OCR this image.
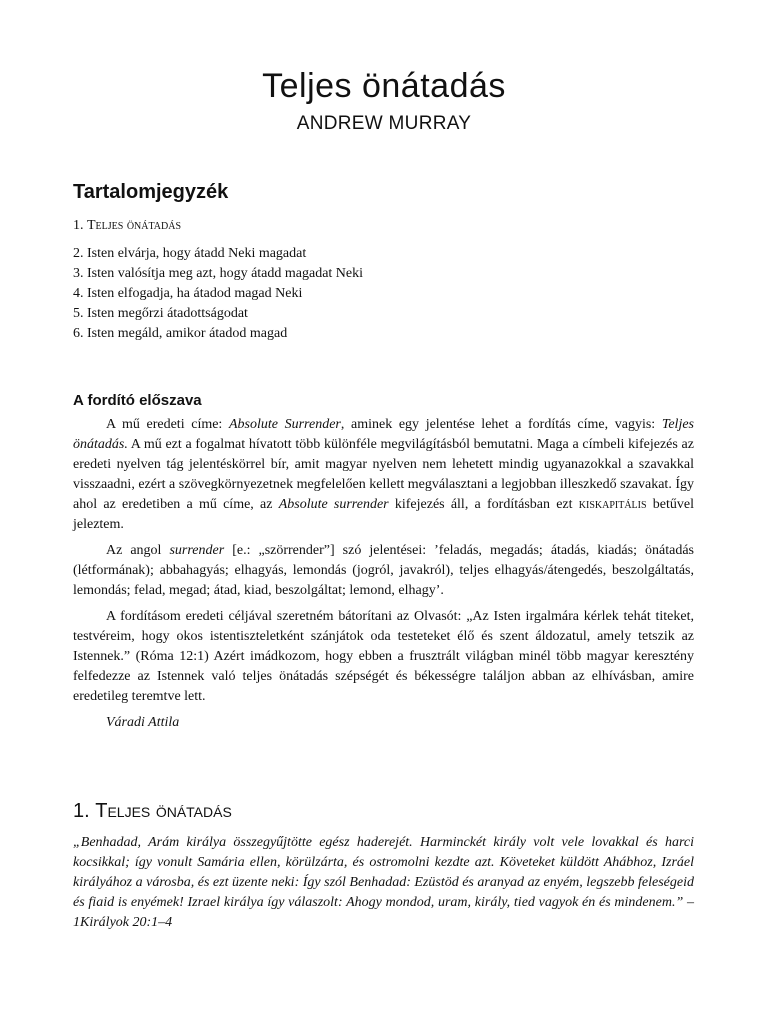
Teljes önátadás
ANDREW MURRAY
Tartalomjegyzék
1. Teljes önátadás
2. Isten elvárja, hogy átadd Neki magadat
3. Isten valósítja meg azt, hogy átadd magadat Neki
4. Isten elfogadja, ha átadod magad Neki
5. Isten megőrzi átadottságodat
6. Isten megáld, amikor átadod magad
A fordító előszava

A mű eredeti címe: Absolute Surrender, aminek egy jelentése lehet a fordítás címe, vagyis: Teljes önátadás. A mű ezt a fogalmat hívatott több különféle megvilágításból bemutatni. Maga a címbeli kifejezés az eredeti nyelven tág jelentéskörrel bír, amit magyar nyelven nem lehetett mindig ugyanazokkal a szavakkal visszaadni, ezért a szövegkörnyezetnek megfelelően kellett megválasztani a legjobban illeszkedő szavakat. Így ahol az eredetiben a mű címe, az Absolute surrender kifejezés áll, a fordításban ezt kiskapitális betűvel jeleztem.

Az angol surrender [e.: „szörrender”] szó jelentései: ’feladás, megadás; átadás, kiadás; önátadás (létformának); abbahagyás; elhagyás, lemondás (jogról, javakról), teljes elhagyás/átengedés, beszolgáltatás, lemondás; felad, megad; átad, kiad, beszolgáltat; lemond, elhagy’.

A fordításom eredeti céljával szeretném bátorítani az Olvasót: „Az Isten irgalmára kérlek tehát titeket, testvéreim, hogy okos istentiszteletként szánjátok oda testeteket élő és szent áldozatul, amely tetszik az Istennek.” (Róma 12:1) Azért imádkozom, hogy ebben a frusztrált világban minél több magyar keresztény felfedezze az Istennek való teljes önátadás szépségét és békességre találjon abban az elhívásban, amire eredetileg teremtve lett.

Váradi Attila

1. Teljes önátadás
„Benhadad, Arám királya összegyűjtötte egész haderejét. Harminckét király volt vele lovakkal és harci kocsikkal; így vonult Samária ellen, körülzárta, és ostromolni kezdte azt. Követeket küldött Ahábhoz, Izráel királyához a városba, és ezt üzente neki: Így szól Benhadad: Ezüstöd és aranyad az enyém, legszebb feleségeid és fiaid is enyémek! Izrael királya így válaszolt: Ahogy mondod, uram, király, tied vagyok én és mindenem.” – 1Királyok 20:1–4
